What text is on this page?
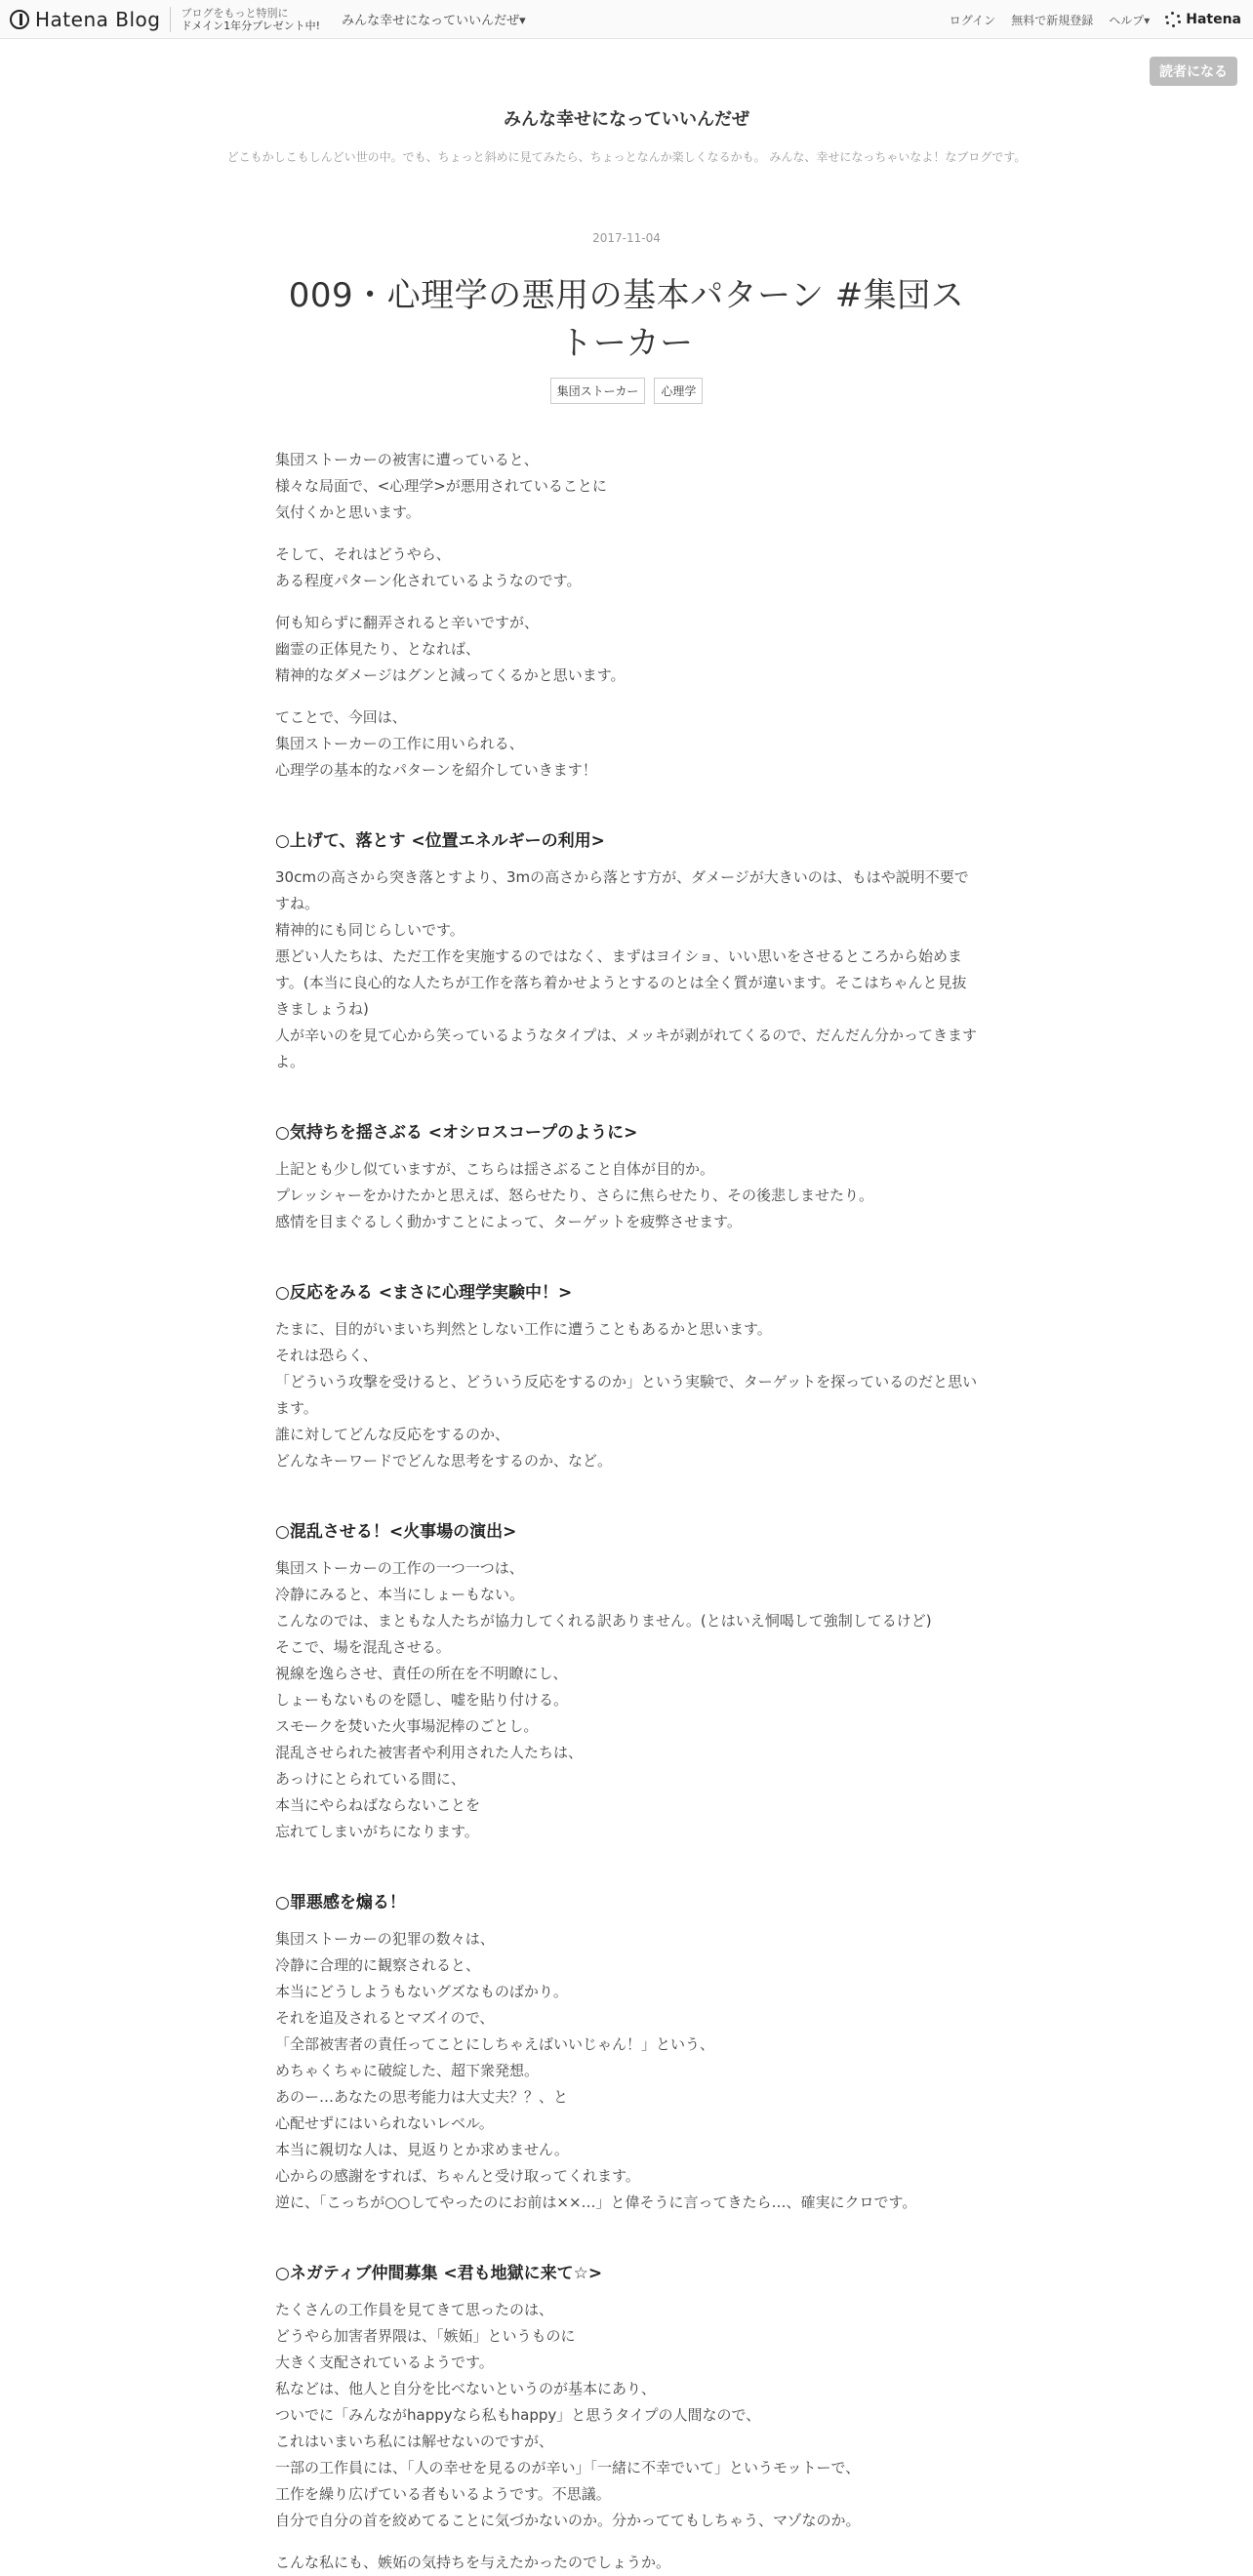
Hatena Blog ブログをもっと特別に
ドメイン1年分プレゼント中! みんな幸せになっていいんだぜ▾	ログイン 無料で新規登録 ヘルプ▾	Hatena
読者になる
みんな幸せになっていいんだぜ
どこもかしこもしんどい世の中。でも、ちょっと斜めに見てみたら、ちょっとなんか楽しくなるかも。 みんな、幸せになっちゃいなよ！なブログです。
2017-11-04
009・心理学の悪用の基本パターン #集団ストーカー
集団ストーカー 心理学

集団ストーカーの被害に遭っていると、
様々な局面で、<心理学>が悪用されていることに
気付くかと思います。

そして、それはどうやら、
ある程度パターン化されているようなのです。

何も知らずに翻弄されると辛いですが、
幽霊の正体見たり、となれば、
精神的なダメージはグンと減ってくるかと思います。

てことで、今回は、
集団ストーカーの工作に用いられる、
心理学の基本的なパターンを紹介していきます！

○上げて、落とす <位置エネルギーの利用>

30cmの高さから突き落とすより、3mの高さから落とす方が、ダメージが大きいのは、もはや説明不要ですね。
精神的にも同じらしいです。
悪どい人たちは、ただ工作を実施するのではなく、まずはヨイショ、いい思いをさせるところから始めます。(本当に良心的な人たちが工作を落ち着かせようとするのとは全く質が違います。そこはちゃんと見抜きましょうね)
人が辛いのを見て心から笑っているようなタイプは、メッキが剥がれてくるので、だんだん分かってきますよ。

○気持ちを揺さぶる <オシロスコープのように>

上記とも少し似ていますが、こちらは揺さぶること自体が目的か。
プレッシャーをかけたかと思えば、怒らせたり、さらに焦らせたり、その後悲しませたり。
感情を目まぐるしく動かすことによって、ターゲットを疲弊させます。

○反応をみる <まさに心理学実験中！>

たまに、目的がいまいち判然としない工作に遭うこともあるかと思います。
それは恐らく、
「どういう攻撃を受けると、どういう反応をするのか」という実験で、ターゲットを探っているのだと思います。
誰に対してどんな反応をするのか、
どんなキーワードでどんな思考をするのか、など。

○混乱させる！<火事場の演出>

集団ストーカーの工作の一つ一つは、
冷静にみると、本当にしょーもない。
こんなのでは、まともな人たちが協力してくれる訳ありません。(とはいえ恫喝して強制してるけど)
そこで、場を混乱させる。
視線を逸らさせ、責任の所在を不明瞭にし、
しょーもないものを隠し、嘘を貼り付ける。
スモークを焚いた火事場泥棒のごとし。
混乱させられた被害者や利用された人たちは、
あっけにとられている間に、
本当にやらねばならないことを
忘れてしまいがちになります。

○罪悪感を煽る！

集団ストーカーの犯罪の数々は、
冷静に合理的に観察されると、
本当にどうしようもないグズなものばかり。
それを追及されるとマズイので、
「全部被害者の責任ってことにしちゃえばいいじゃん！」という、
めちゃくちゃに破綻した、超下衆発想。
あのー…あなたの思考能力は大丈夫？？、と
心配せずにはいられないレベル。
本当に親切な人は、見返りとか求めません。
心からの感謝をすれば、ちゃんと受け取ってくれます。
逆に、「こっちが○○してやったのにお前は××…」と偉そうに言ってきたら…、確実にクロです。

○ネガティブ仲間募集 <君も地獄に来て☆>

たくさんの工作員を見てきて思ったのは、
どうやら加害者界隈は、「嫉妬」というものに
大きく支配されているようです。
私などは、他人と自分を比べないというのが基本にあり、
ついでに「みんながhappyなら私もhappy」と思うタイプの人間なので、
これはいまいち私には解せないのですが、
一部の工作員には、「人の幸せを見るのが辛い」「一緒に不幸でいて」というモットーで、
工作を繰り広げている者もいるようです。不思議。
自分で自分の首を絞めてることに気づかないのか。分かっててもしちゃう、マゾなのか。

こんな私にも、嫉妬の気持ちを与えたかったのでしょうか。
